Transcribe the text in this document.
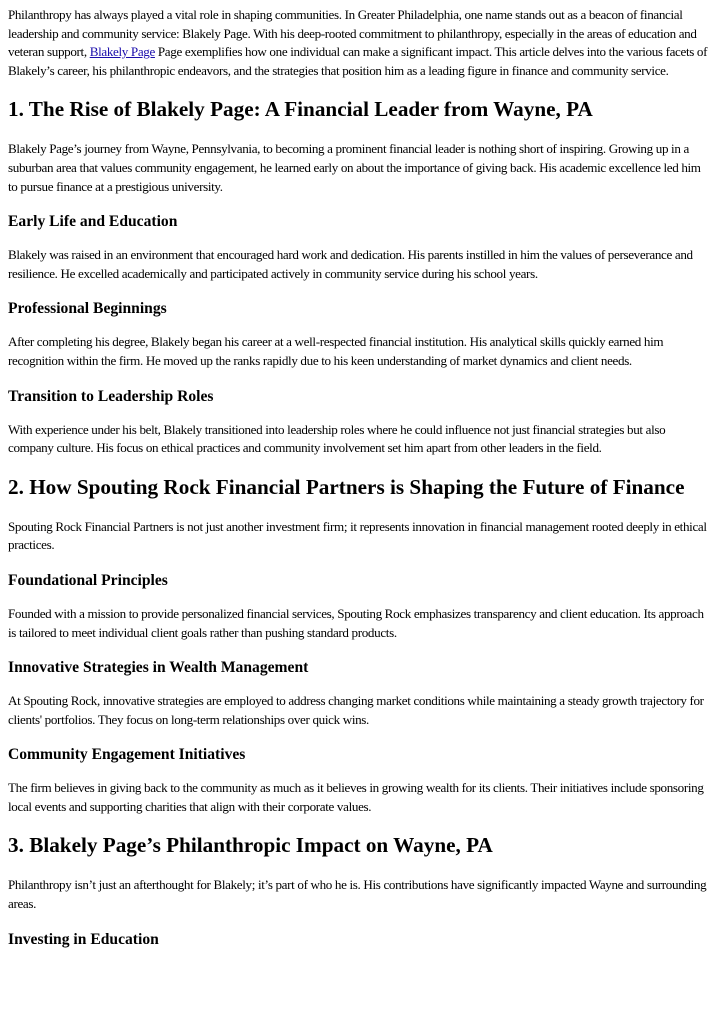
Philanthropy has always played a vital role in shaping communities. In Greater Philadelphia, one name stands out as a beacon of financial leadership and community service: Blakely Page. With his deep-rooted commitment to philanthropy, especially in the areas of education and veteran support, Blakely Page Page exemplifies how one individual can make a significant impact. This article delves into the various facets of Blakely’s career, his philanthropic endeavors, and the strategies that position him as a leading figure in finance and community service.

1. The Rise of Blakely Page: A Financial Leader from Wayne, PA

Blakely Page’s journey from Wayne, Pennsylvania, to becoming a prominent financial leader is nothing short of inspiring. Growing up in a suburban area that values community engagement, he learned early on about the importance of giving back. His academic excellence led him to pursue finance at a prestigious university.

Early Life and Education

Blakely was raised in an environment that encouraged hard work and dedication. His parents instilled in him the values of perseverance and resilience. He excelled academically and participated actively in community service during his school years.

Professional Beginnings

After completing his degree, Blakely began his career at a well-respected financial institution. His analytical skills quickly earned him recognition within the firm. He moved up the ranks rapidly due to his keen understanding of market dynamics and client needs.

Transition to Leadership Roles

With experience under his belt, Blakely transitioned into leadership roles where he could influence not just financial strategies but also company culture. His focus on ethical practices and community involvement set him apart from other leaders in the field.

2. How Spouting Rock Financial Partners is Shaping the Future of Finance

Spouting Rock Financial Partners is not just another investment firm; it represents innovation in financial management rooted deeply in ethical practices.

Foundational Principles

Founded with a mission to provide personalized financial services, Spouting Rock emphasizes transparency and client education. Its approach is tailored to meet individual client goals rather than pushing standard products.

Innovative Strategies in Wealth Management

At Spouting Rock, innovative strategies are employed to address changing market conditions while maintaining a steady growth trajectory for clients' portfolios. They focus on long-term relationships over quick wins.

Community Engagement Initiatives

The firm believes in giving back to the community as much as it believes in growing wealth for its clients. Their initiatives include sponsoring local events and supporting charities that align with their corporate values.

3. Blakely Page’s Philanthropic Impact on Wayne, PA

Philanthropy isn’t just an afterthought for Blakely; it’s part of who he is. His contributions have significantly impacted Wayne and surrounding areas.

Investing in Education
